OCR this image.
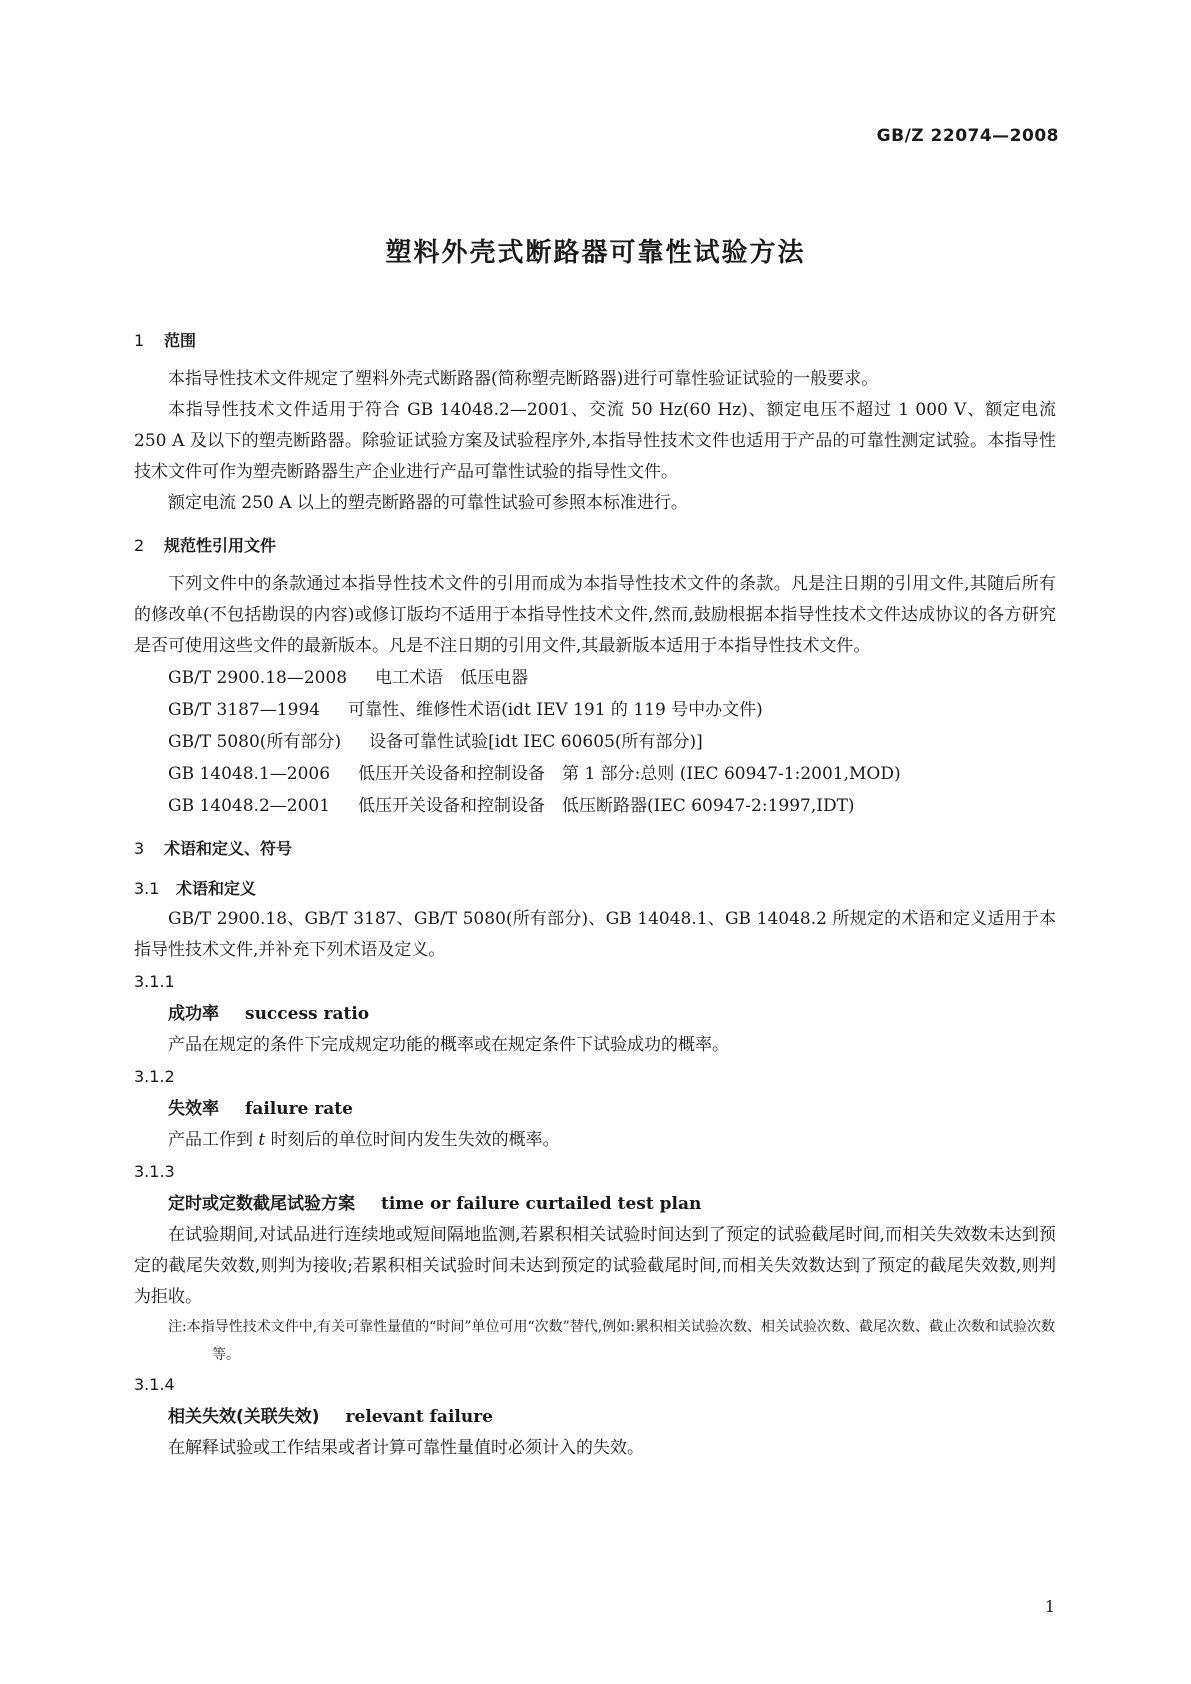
GB/Z 22074—2008
塑料外壳式断路器可靠性试验方法
1 范围

本指导性技术文件规定了塑料外壳式断路器(简称塑壳断路器)进行可靠性验证试验的一般要求。

本指导性技术文件适用于符合 GB 14048.2—2001、交流 50 Hz(60 Hz)、额定电压不超过 1 000 V、额定电流 250 A 及以下的塑壳断路器。除验证试验方案及试验程序外,本指导性技术文件也适用于产品的可靠性测定试验。本指导性技术文件可作为塑壳断路器生产企业进行产品可靠性试验的指导性文件。

额定电流 250 A 以上的塑壳断路器的可靠性试验可参照本标准进行。

2 规范性引用文件

下列文件中的条款通过本指导性技术文件的引用而成为本指导性技术文件的条款。凡是注日期的引用文件,其随后所有的修改单(不包括勘误的内容)或修订版均不适用于本指导性技术文件,然而,鼓励根据本指导性技术文件达成协议的各方研究是否可使用这些文件的最新版本。凡是不注日期的引用文件,其最新版本适用于本指导性技术文件。

GB/T 2900.18—2008 电工术语　低压电器

GB/T 3187—1994 可靠性、维修性术语(idt IEV 191 的 119 号中办文件)

GB/T 5080(所有部分) 设备可靠性试验[idt IEC 60605(所有部分)]

GB 14048.1—2006 低压开关设备和控制设备　第 1 部分:总则 (IEC 60947-1:2001,MOD)

GB 14048.2—2001 低压开关设备和控制设备　低压断路器(IEC 60947-2:1997,IDT)

3 术语和定义、符号
3.1 术语和定义

GB/T 2900.18、GB/T 3187、GB/T 5080(所有部分)、GB 14048.1、GB 14048.2 所规定的术语和定义适用于本指导性技术文件,并补充下列术语及定义。

3.1.1

成功率 success ratio

产品在规定的条件下完成规定功能的概率或在规定条件下试验成功的概率。

3.1.2

失效率 failure rate

产品工作到 t 时刻后的单位时间内发生失效的概率。

3.1.3

定时或定数截尾试验方案 time or failure curtailed test plan

在试验期间,对试品进行连续地或短间隔地监测,若累积相关试验时间达到了预定的试验截尾时间,而相关失效数未达到预定的截尾失效数,则判为接收;若累积相关试验时间未达到预定的试验截尾时间,而相关失效数达到了预定的截尾失效数,则判为拒收。

注:本指导性技术文件中,有关可靠性量值的“时间”单位可用“次数”替代,例如:累积相关试验次数、相关试验次数、截尾次数、截止次数和试验次数等。

3.1.4

相关失效(关联失效) relevant failure

在解释试验或工作结果或者计算可靠性量值时必须计入的失效。

1
